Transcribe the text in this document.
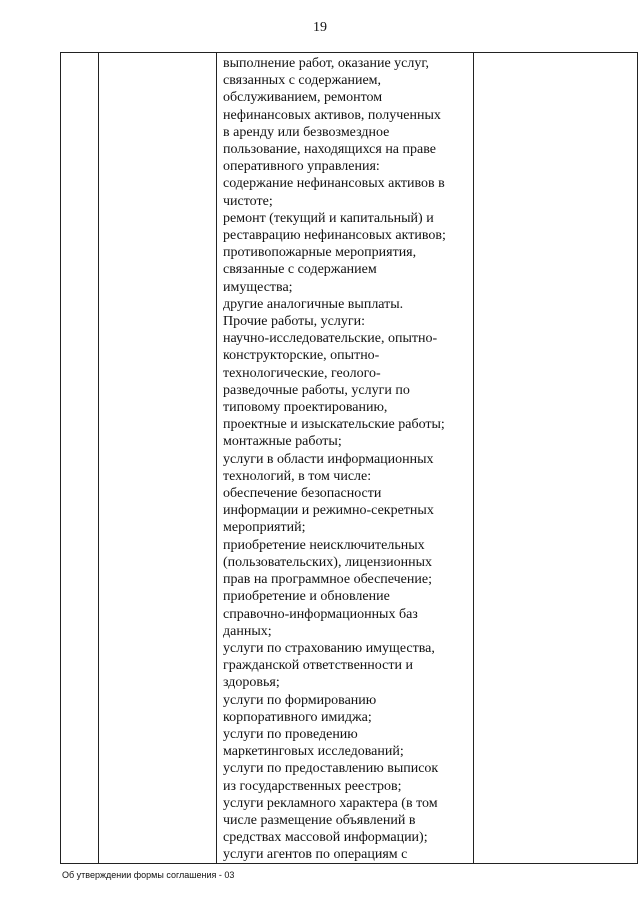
19
выполнение работ, оказание услуг,
связанных с содержанием,
обслуживанием, ремонтом
нефинансовых активов, полученных
в аренду или безвозмездное
пользование, находящихся на праве
оперативного управления:
содержание нефинансовых активов в
чистоте;
ремонт (текущий и капитальный) и
реставрацию нефинансовых активов;
противопожарные мероприятия,
связанные с содержанием
имущества;
другие аналогичные выплаты.
Прочие работы, услуги:
научно-исследовательские, опытно-
конструкторские, опытно-
технологические, геолого-
разведочные работы, услуги по
типовому проектированию,
проектные и изыскательские работы;
монтажные работы;
услуги в области информационных
технологий, в том числе:
обеспечение безопасности
информации и режимно-секретных
мероприятий;
приобретение неисключительных
(пользовательских), лицензионных
прав на программное обеспечение;
приобретение и обновление
справочно-информационных баз
данных;
услуги по страхованию имущества,
гражданской ответственности и
здоровья;
услуги по формированию
корпоративного имиджа;
услуги по проведению
маркетинговых исследований;
услуги по предоставлению выписок
из государственных реестров;
услуги рекламного характера (в том
числе размещение объявлений в
средствах массовой информации);
услуги агентов по операциям с
Об утверждении формы соглашения - 03
